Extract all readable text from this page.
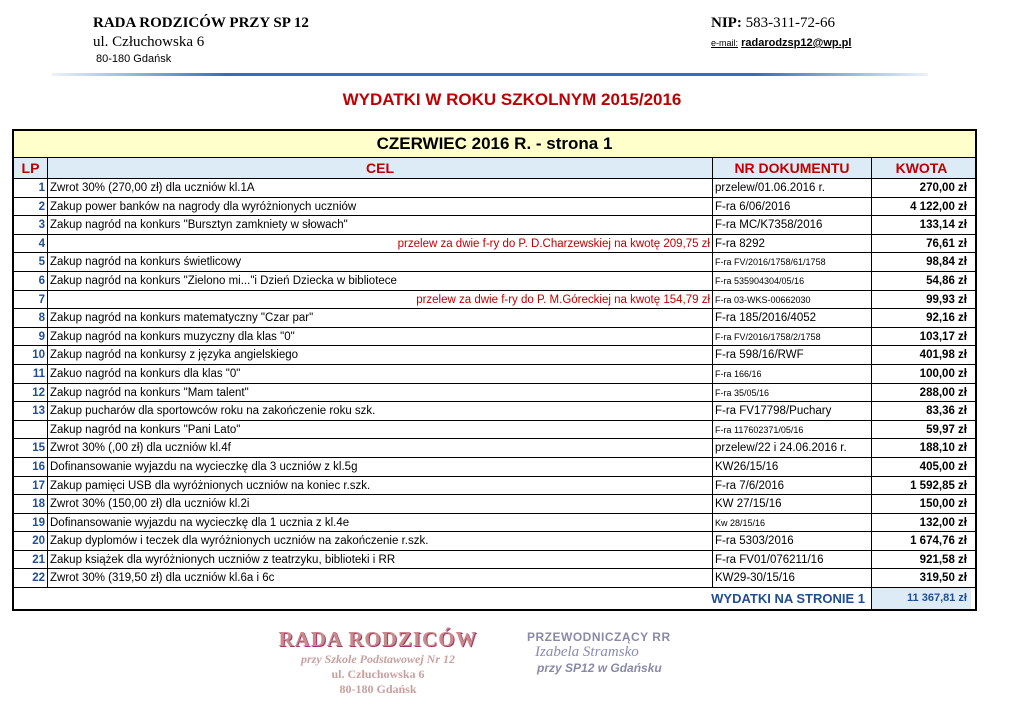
RADA RODZICÓW PRZY SP 12
ul. Człuchowska 6
80-180 Gdańsk
NIP: 583-311-72-66
e-mail: radarodzsp12@wp.pl
WYDATKI W ROKU SZKOLNYM 2015/2016
CZERWIEC 2016 R. - strona 1
LP	CEL	NR DOKUMENTU	KWOTA
1 Zwrot 30% (270,00 zł) dla uczniów kl.1A	przelew/01.06.2016 r.	270,00 zł
2 Zakup power banków na nagrody dla wyróżnionych uczniów	F-ra 6/06/2016	4 122,00 zł
3 Zakup nagród na konkurs "Bursztyn zamkniety w słowach"	F-ra MC/K7358/2016	133,14 zł
4	przelew za dwie f-ry do P. D.Charzewskiej na kwotę 209,75 zł F-ra 8292	76,61 zł
5 Zakup nagród na konkurs świetlicowy	F-ra FV/2016/1758/61/1758	98,84 zł
6 Zakup nagród na konkurs "Zielono mi..."i Dzień Dziecka w bibliotece	F-ra 535904304/05/16	54,86 zł
7	przelew za dwie f-ry do P. M.Góreckiej na kwotę 154,79 zł F-ra 03-WKS-00662030	99,93 zł
8 Zakup nagród na konkurs matematyczny "Czar par"	F-ra 185/2016/4052	92,16 zł
9 Zakup nagród na konkurs muzyczny dla klas "0"	F-ra FV/2016/1758/2/1758	103,17 zł
10 Zakup nagród na konkursy z języka angielskiego	F-ra 598/16/RWF	401,98 zł
11 Zakuo nagród na konkurs dla klas "0"	F-ra 166/16	100,00 zł
12 Zakup nagród na konkurs "Mam talent"	F-ra 35/05/16	288,00 zł
13 Zakup pucharów dla sportowców roku na zakończenie roku szk.	F-ra FV17798/Puchary	83,36 zł
Zakup nagród na konkurs "Pani Lato"	F-ra 117602371/05/16	59,97 zł
15 Zwrot 30% (,00 zł) dla uczniów kl.4f	przelew/22 i 24.06.2016 r.	188,10 zł
16 Dofinansowanie wyjazdu na wycieczkę dla 3 uczniów z kl.5g	KW26/15/16	405,00 zł
17 Zakup pamięci USB dla wyróżnionych uczniów na koniec r.szk.	F-ra 7/6/2016	1 592,85 zł
18 Zwrot 30% (150,00 zł) dla uczniów kl.2i	KW 27/15/16	150,00 zł
19 Dofinansowanie wyjazdu na wycieczkę dla 1 ucznia z kl.4e	Kw 28/15/16	132,00 zł
20 Zakup dyplomów i teczek dla wyróżnionych uczniów na zakończenie r.szk.	F-ra 5303/2016	1 674,76 zł
21 Zakup książek dla wyróżnionych uczniów z teatrzyku, biblioteki i RR	F-ra FV01/076211/16	921,58 zł
22 Zwrot 30% (319,50 zł) dla uczniów kl.6a i 6c	KW29-30/15/16	319,50 zł
WYDATKI NA STRONIE 1	11 367,81 zł
RADA RODZICÓW
przy Szkole Podstawowej Nr 12
ul. Człuchowska 6
80-180 Gdańsk
PRZEWODNICZĄCY RR
Izabela Stramsko
przy SP12 w Gdańsku
